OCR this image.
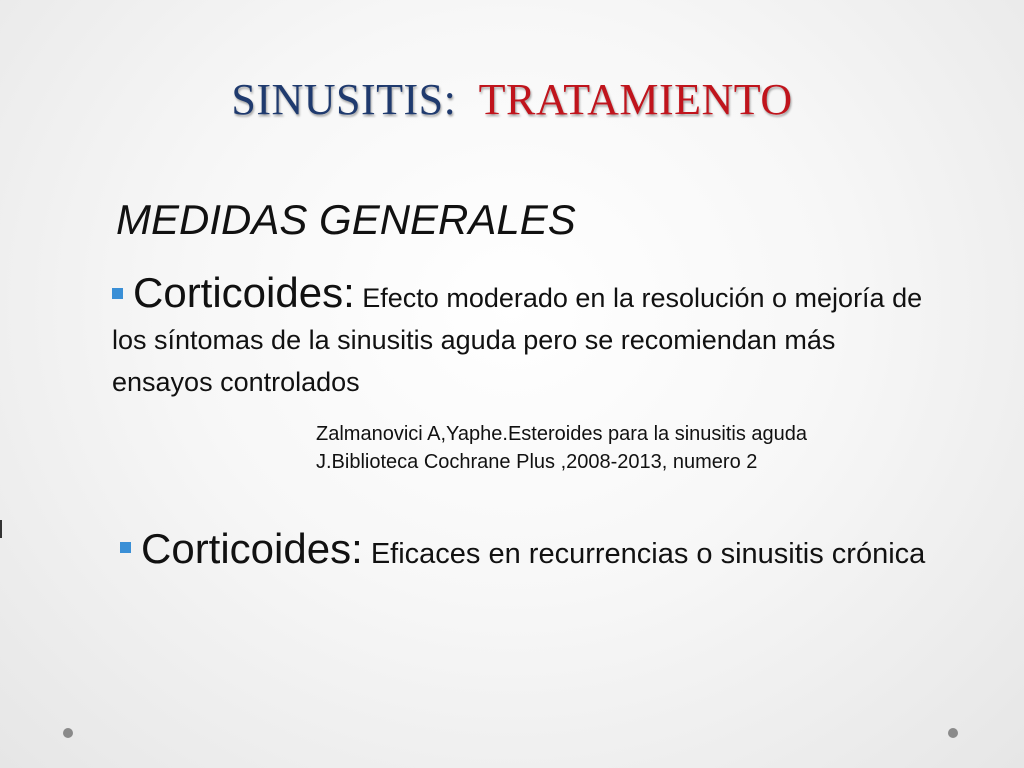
SINUSITIS: TRATAMIENTO
MEDIDAS GENERALES
Corticoides: Efecto moderado en la resolución o mejoría de los síntomas de la sinusitis aguda pero se recomiendan más ensayos controlados
Zalmanovici A,Yaphe.Esteroides para la sinusitis aguda
J.Biblioteca Cochrane Plus ,2008-2013, numero 2
Corticoides: Eficaces en recurrencias o sinusitis crónica
